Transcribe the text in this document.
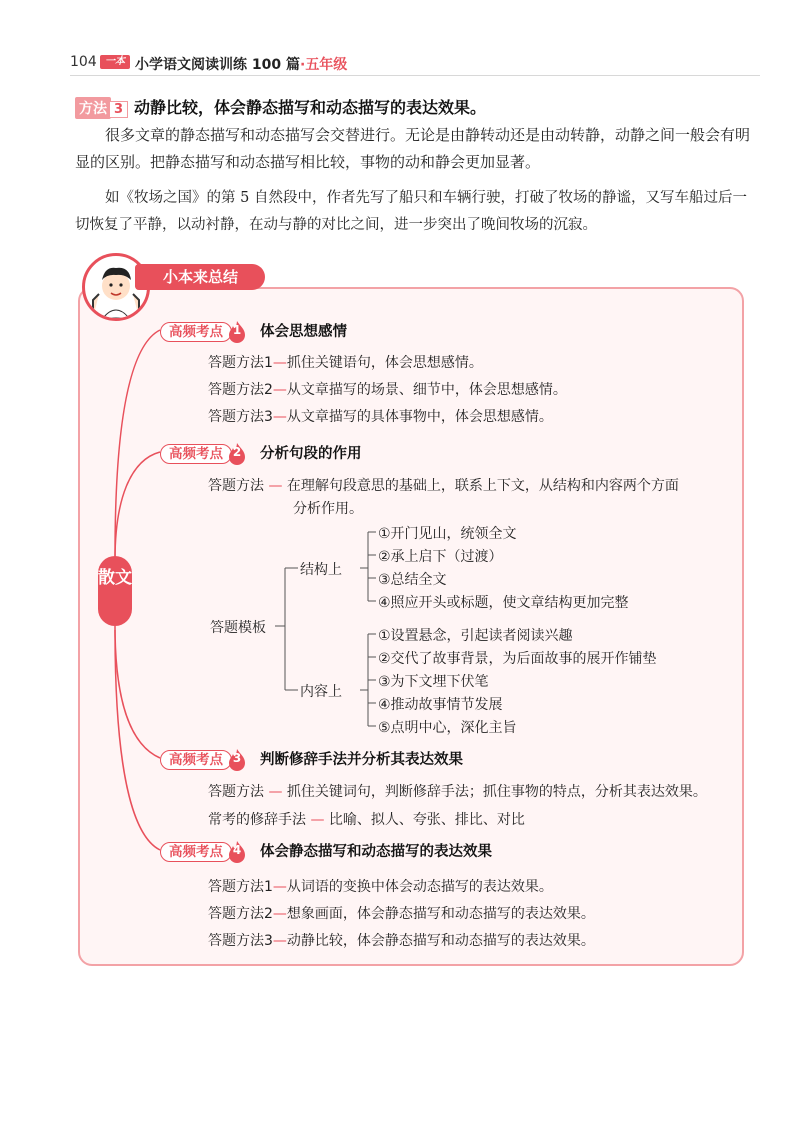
104 一本 小学语文阅读训练 100 篇·五年级
方法 3 动静比较，体会静态描写和动态描写的表达效果。

很多文章的静态描写和动态描写会交替进行。无论是由静转动还是由动转静，动静之间一般会有明显的区别。把静态描写和动态描写相比较，事物的动和静会更加显著。

如《牧场之国》的第 5 自然段中，作者先写了船只和车辆行驶，打破了牧场的静谧，又写车船过后一切恢复了平静，以动衬静，在动与静的对比之间，进一步突出了晚间牧场的沉寂。

小本来总结
散文
高频考点 1	体会思想感情
答题方法1—抓住关键语句，体会思想感情。
答题方法2—从文章描写的场景、细节中，体会思想感情。
答题方法3—从文章描写的具体事物中，体会思想感情。
高频考点 2	分析句段的作用
答题方法 — 在理解句段意思的基础上，联系上下文，从结构和内容两个方面
分析作用。
答题模板
结构上
内容上
①开门见山，统领全文
②承上启下（过渡）
③总结全文
④照应开头或标题，使文章结构更加完整
①设置悬念，引起读者阅读兴趣
②交代了故事背景，为后面故事的展开作铺垫
③为下文埋下伏笔
④推动故事情节发展
⑤点明中心，深化主旨
高频考点 3	判断修辞手法并分析其表达效果
答题方法 — 抓住关键词句，判断修辞手法；抓住事物的特点，分析其表达效果。
常考的修辞手法 — 比喻、拟人、夸张、排比、对比
高频考点 4	体会静态描写和动态描写的表达效果
答题方法1—从词语的变换中体会动态描写的表达效果。
答题方法2—想象画面，体会静态描写和动态描写的表达效果。
答题方法3—动静比较，体会静态描写和动态描写的表达效果。
